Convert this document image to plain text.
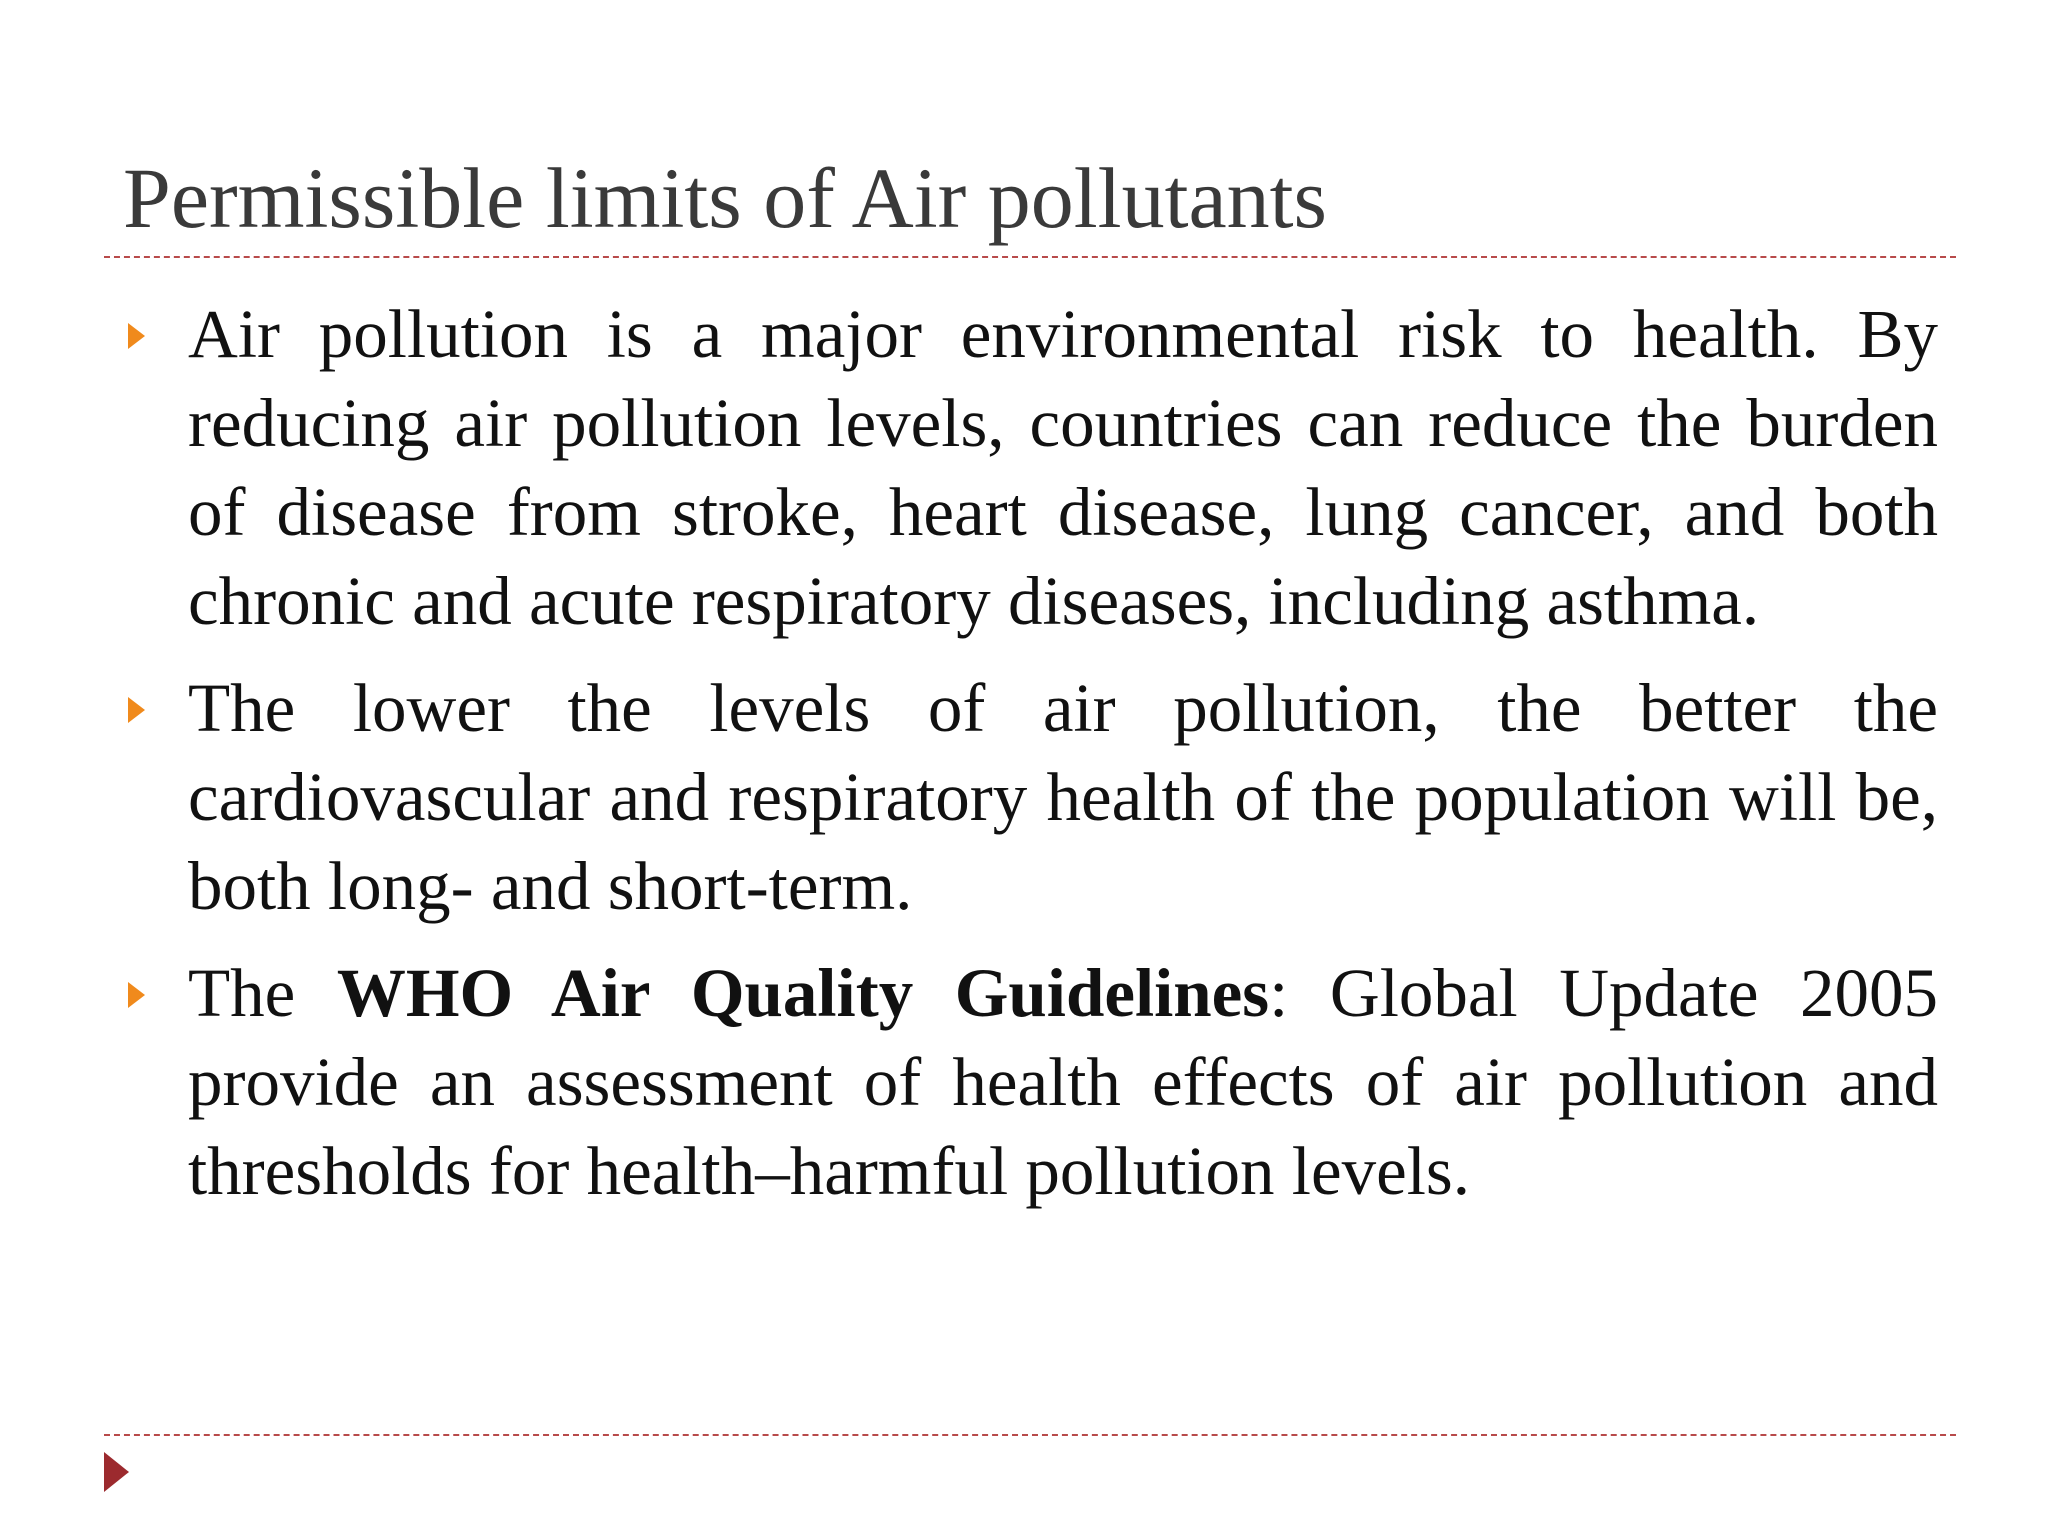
Permissible limits of Air pollutants
Air pollution is a major environmental risk to health. By reducing air pollution levels, countries can reduce the burden of disease from stroke, heart disease, lung cancer, and both chronic and acute respiratory diseases, including asthma.
The lower the levels of air pollution, the better the cardiovascular and respiratory health of the population will be, both long- and short-term.
The WHO Air Quality Guidelines: Global Update 2005 provide an assessment of health effects of air pollution and thresholds for health–harmful pollution levels.
